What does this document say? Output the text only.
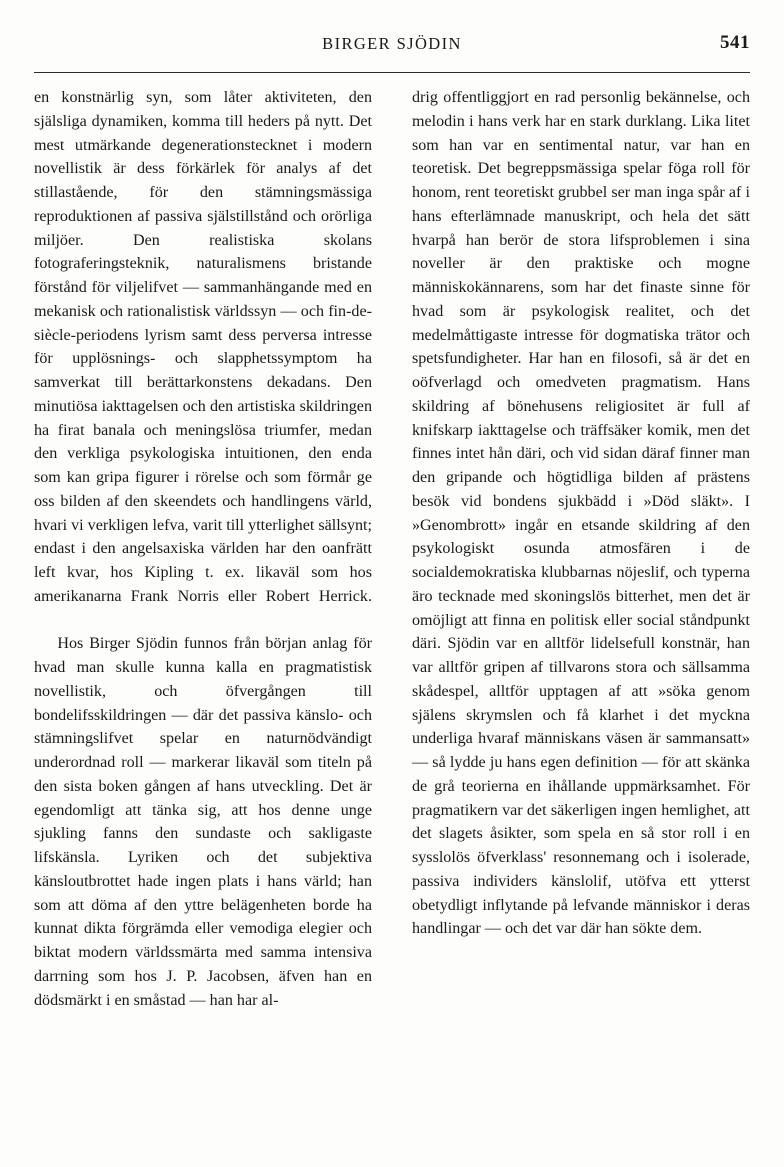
BIRGER SJÖDIN	541

en konstnärlig syn, som låter aktiviteten, den själsliga dynamiken, komma till heders på nytt. Det mest utmärkande degenerationstecknet i modern novellistik är dess förkärlek för analys af det stillastående, för den stämningsmässiga reproduktionen af passiva själstillstånd och orörliga miljöer. Den realistiska skolans fotograferingsteknik, naturalismens bristande förstånd för viljelifvet — sammanhängande med en mekanisk och rationalistisk världssyn — och fin-de-siècle-periodens lyrism samt dess perversa intresse för upplösnings- och slapphetssymptom ha samverkat till berättarkonstens dekadans. Den minutiösa iakttagelsen och den artistiska skildringen ha firat banala och meningslösa triumfer, medan den verkliga psykologiska intuitionen, den enda som kan gripa figurer i rörelse och som förmår ge oss bilden af den skeendets och handlingens värld, hvari vi verkligen lefva, varit till ytterlighet sällsynt; endast i den angelsaxiska världen har den oanfrätt left kvar, hos Kipling t. ex. likaväl som hos amerikanarna Frank Norris eller Robert Herrick.

Hos Birger Sjödin funnos från början anlag för hvad man skulle kunna kalla en pragmatistisk novellistik, och öfvergången till bondelifsskildringen — där det passiva känslo- och stämningslifvet spelar en naturnödvändigt underordnad roll — markerar likaväl som titeln på den sista boken gången af hans utveckling. Det är egendomligt att tänka sig, att hos denne unge sjukling fanns den sundaste och sakligaste lifskänsla. Lyriken och det subjektiva känsloutbrottet hade ingen plats i hans värld; han som att döma af den yttre belägenheten borde ha kunnat dikta förgrämda eller vemodiga elegier och biktat modern världssmärta med samma intensiva darrning som hos J. P. Jacobsen, äfven han en dödsmärkt i en småstad — han har al-

drig offentliggjort en rad personlig bekännelse, och melodin i hans verk har en stark durklang. Lika litet som han var en sentimental natur, var han en teoretisk. Det begreppsmässiga spelar föga roll för honom, rent teoretiskt grubbel ser man inga spår af i hans efterlämnade manuskript, och hela det sätt hvarpå han berör de stora lifsproblemen i sina noveller är den praktiske och mogne människokännarens, som har det finaste sinne för hvad som är psykologisk realitet, och det medelmåttigaste intresse för dogmatiska trätor och spetsfundigheter. Har han en filosofi, så är det en oöfverlagd och omedveten pragmatism. Hans skildring af bönehusens religiositet är full af knifskarp iakttagelse och träffsäker komik, men det finnes intet hån däri, och vid sidan däraf finner man den gripande och högtidliga bilden af prästens besök vid bondens sjukbädd i »Död släkt». I »Genombrott» ingår en etsande skildring af den psykologiskt osunda atmosfären i de socialdemokratiska klubbarnas nöjeslif, och typerna äro tecknade med skoningslös bitterhet, men det är omöjligt att finna en politisk eller social ståndpunkt däri. Sjödin var en alltför lidelsefull konstnär, han var alltför gripen af tillvarons stora och sällsamma skådespel, alltför upptagen af att »söka genom själens skrymslen och få klarhet i det myckna underliga hvaraf människans väsen är sammansatt» — så lydde ju hans egen definition — för att skänka de grå teorierna en ihållande uppmärksamhet. För pragmatikern var det säkerligen ingen hemlighet, att det slagets åsikter, som spela en så stor roll i en sysslolös öfverklass' resonnemang och i isolerade, passiva individers känslolif, utöfva ett ytterst obetydligt inflytande på lefvande människor i deras handlingar — och det var där han sökte dem.
